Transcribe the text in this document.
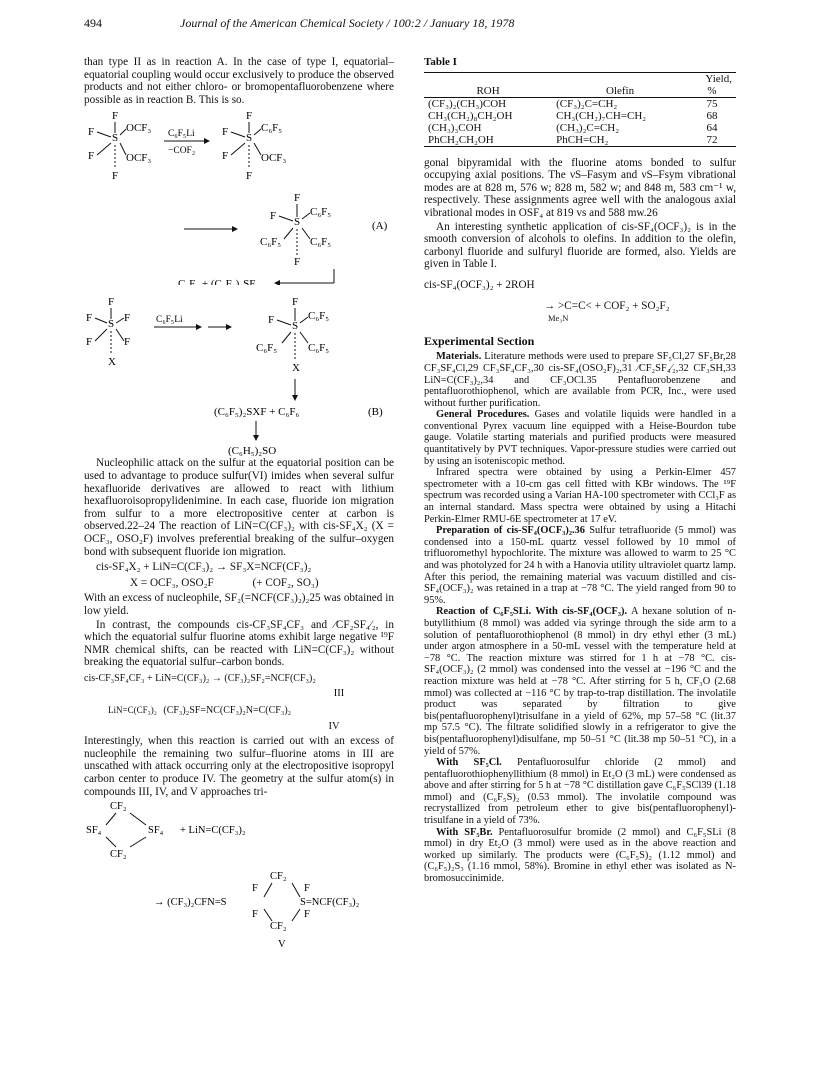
494	Journal of the American Chemical Society / 100:2 / January 18, 1978

than type II as in reaction A. In the case of type I, equatorial–equatorial coupling would occur exclusively to produce the observed products and not either chloro- or bromopentafluorobenzene where possible as in reaction B. This is so.

F
F S
OCF₃
F	OCF₃
F
C₆F₅Li
−COF₂
F
F S
C₆F₅
F	OCF₃
F
F
F S
C₆F₅
C₆F₅	C₆F₅
F
(A)
C₆F₆ + (C₆F₅)₂SF₂
F
F S F
F	F
X
C₆F₅Li
F
F S
C₆F₅
C₆F₅	C₆F₅
X
(C₆F₅)₂SXF + C₆F₆	(B)
(C₆H₅)₂SO

Nucleophilic attack on the sulfur at the equatorial position can be used to advantage to produce sulfur(VI) imides when several sulfur hexafluoride derivatives are allowed to react with lithium hexafluoroisopropylidenimine. In each case, fluoride ion migration from sulfur to a more electropositive center at carbon is observed.22–24 The reaction of LiN=C(CF₃)₂ with cis-SF₄X₂ (X = OCF₃, OSO₂F) involves preferential breaking of the sulfur–oxygen bond with subsequent fluoride ion migration.

cis-SF₄X₂ + LiN=C(CF₃)₂ → SF₃X=NCF(CF₃)₂
X = OCF₃, OSO₂F	(+ COF₂, SO₃)

With an excess of nucleophile, SF₂(=NCF(CF₃)₂)₂25 was obtained in low yield.

In contrast, the compounds cis-CF₃SF₄CF₃ and ⁄CF₂SF₄⁄₂, in which the equatorial sulfur fluorine atoms exhibit large negative ¹⁹F NMR chemical shifts, can be reacted with LiN=C(CF₃)₂ without breaking the equatorial sulfur–carbon bonds.

cis-CF₃SF₄CF₃ + LiN=C(CF₃)₂ → (CF₃)₂SF₂=NCF(CF₃)₂
III
LiN=C(CF₃)₂ (CF₃)₂SF=NC(CF₃)₂N=C(CF₃)₂
IV

Interestingly, when this reaction is carried out with an excess of nucleophile the remaining two sulfur–fluorine atoms in III are unscathed with attack occurring only at the electropositive isopropyl carbon center to produce IV. The geometry at the sulfur atom(s) in compounds III, IV, and V approaches tri-

CF₂
SF₄	SF₄
CF₂
+ LiN=C(CF₃)₂
CF₂
F	F
→ (CF₃)₂CFN=S	S=NCF(CF₃)₂
F	F
CF₂
V
Table I
		Yield,
ROH	Olefin	%
(CF₃)₂(CH₃)COH	(CF₃)₂C=CH₂	75
CH₃(CH₂)₈CH₂OH	CH₃(CH₂)₇CH=CH₂	68
(CH₃)₃COH	(CH₃)₂C=CH₂	64
PhCH₂CH₂OH	PhCH=CH₂	72

gonal bipyramidal with the fluorine atoms bonded to sulfur occupying axial positions. The νS–Fasym and νS–Fsym vibrational modes are at 828 m, 576 w; 828 m, 582 w; and 848 m, 583 cm⁻¹ w, respectively. These assignments agree well with the analogous axial vibrational modes in OSF₄ at 819 vs and 588 mw.26

An interesting synthetic application of cis-SF₄(OCF₃)₂ is in the smooth conversion of alcohols to olefins. In addition to the olefin, carbonyl fluoride and sulfuryl fluoride are formed, also. Yields are given in Table I.

cis-SF₄(OCF₃)₂ + 2ROH
→ >C=C< + COF₂ + SO₂F₂
Me₃N
Experimental Section

Materials. Literature methods were used to prepare SF₅Cl,27 SF₅Br,28 CF₃SF₄Cl,29 CF₃SF₄CF₃,30 cis-SF₄(OSO₂F)₂,31 ⁄CF₂SF₄⁄₂,32 CF₃SH,33 LiN=C(CF₃)₂,34 and CF₃OCl.35 Pentafluorobenzene and pentafluorothiophenol, which are available from PCR, Inc., were used without further purification.

General Procedures. Gases and volatile liquids were handled in a conventional Pyrex vacuum line equipped with a Heise-Bourdon tube gauge. Volatile starting materials and purified products were measured quantitatively by PVT techniques. Vapor-pressure studies were carried out by using an isoteniscopic method.

Infrared spectra were obtained by using a Perkin-Elmer 457 spectrometer with a 10-cm gas cell fitted with KBr windows. The ¹⁹F spectrum was recorded using a Varian HA-100 spectrometer with CCl₃F as an internal standard. Mass spectra were obtained by using a Hitachi Perkin-Elmer RMU-6E spectrometer at 17 eV.

Preparation of cis-SF₄(OCF₃)₂.36 Sulfur tetrafluoride (5 mmol) was condensed into a 150-mL quartz vessel followed by 10 mmol of trifluoromethyl hypochlorite. The mixture was allowed to warm to 25 °C and was photolyzed for 24 h with a Hanovia utility ultraviolet quartz lamp. After this period, the remaining material was vacuum distilled and cis-SF₄(OCF₃)₂ was retained in a trap at −78 °C. The yield ranged from 90 to 95%.

Reaction of C₆F₅SLi. With cis-SF₄(OCF₃). A hexane solution of n-butyllithium (8 mmol) was added via syringe through the side arm to a solution of pentafluorothiophenol (8 mmol) in dry ethyl ether (3 mL) under argon atmosphere in a 50-mL vessel with the temperature held at −78 °C. The reaction mixture was stirred for 1 h at −78 °C. cis-SF₄(OCF₃)₂ (2 mmol) was condensed into the vessel at −196 °C and the reaction mixture was held at −78 °C. After stirring for 5 h, CF₃O (2.68 mmol) was collected at −116 °C by trap-to-trap distillation. The involatile product was separated by filtration to give bis(pentafluorophenyl)trisulfane in a yield of 62%, mp 57–58 °C (lit.37 mp 57.5 °C). The filtrate solidified slowly in a refrigerator to give the bis(pentafluorophenyl)disulfane, mp 50–51 °C (lit.38 mp 50–51 °C), in a yield of 57%.

With SF₅Cl. Pentafluorosulfur chloride (2 mmol) and pentafluorothiophenyllithium (8 mmol) in Et₂O (3 mL) were condensed as above and after stirring for 5 h at −78 °C distillation gave C₆F₅SCl39 (1.18 mmol) and (C₆F₅S)₂ (0.53 mmol). The involatile compound was recrystallized from petroleum ether to give bis(pentafluorophenyl)-trisulfane in a yield of 73%.

With SF₅Br. Pentafluorosulfur bromide (2 mmol) and C₆F₅SLi (8 mmol) in dry Et₂O (3 mmol) were used as in the above reaction and worked up similarly. The products were (C₆F₅S)₂ (1.12 mmol) and (C₆F₅)₂S₃ (1.16 mmol, 58%). Bromine in ethyl ether was isolated as N-bromosuccinimide.
